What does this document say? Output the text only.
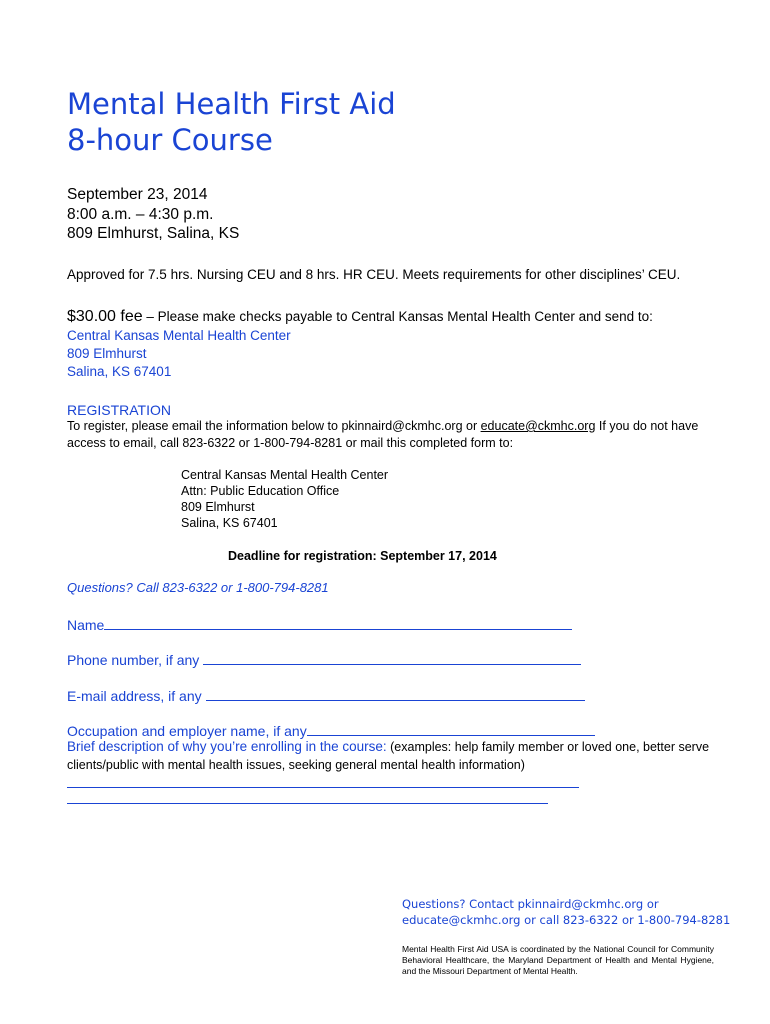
Mental Health First Aid
8-hour Course
September 23, 2014
8:00 a.m. – 4:30 p.m.
809 Elmhurst, Salina, KS
Approved for 7.5 hrs. Nursing CEU and 8 hrs. HR CEU. Meets requirements for other disciplines’ CEU.
$30.00 fee – Please make checks payable to Central Kansas Mental Health Center and send to:
Central Kansas Mental Health Center
809 Elmhurst
Salina, KS 67401
REGISTRATION
To register, please email the information below to pkinnaird@ckmhc.org or educate@ckmhc.org If you do not have access to email, call 823-6322 or 1-800-794-8281 or mail this completed form to:
Central Kansas Mental Health Center
Attn: Public Education Office
809 Elmhurst
Salina, KS 67401
Deadline for registration: September 17, 2014
Questions? Call 823-6322 or 1-800-794-8281
Name
Phone number, if any
E-mail address, if any
Occupation and employer name, if any
Brief description of why you’re enrolling in the course: (examples: help family member or loved one, better serve clients/public with mental health issues, seeking general mental health information)
Questions? Contact pkinnaird@ckmhc.org or
educate@ckmhc.org or call 823-6322 or 1-800-794-8281
Mental Health First Aid USA is coordinated by the National Council for Community Behavioral Healthcare, the Maryland Department of Health and Mental Hygiene, and the Missouri Department of Mental Health.
